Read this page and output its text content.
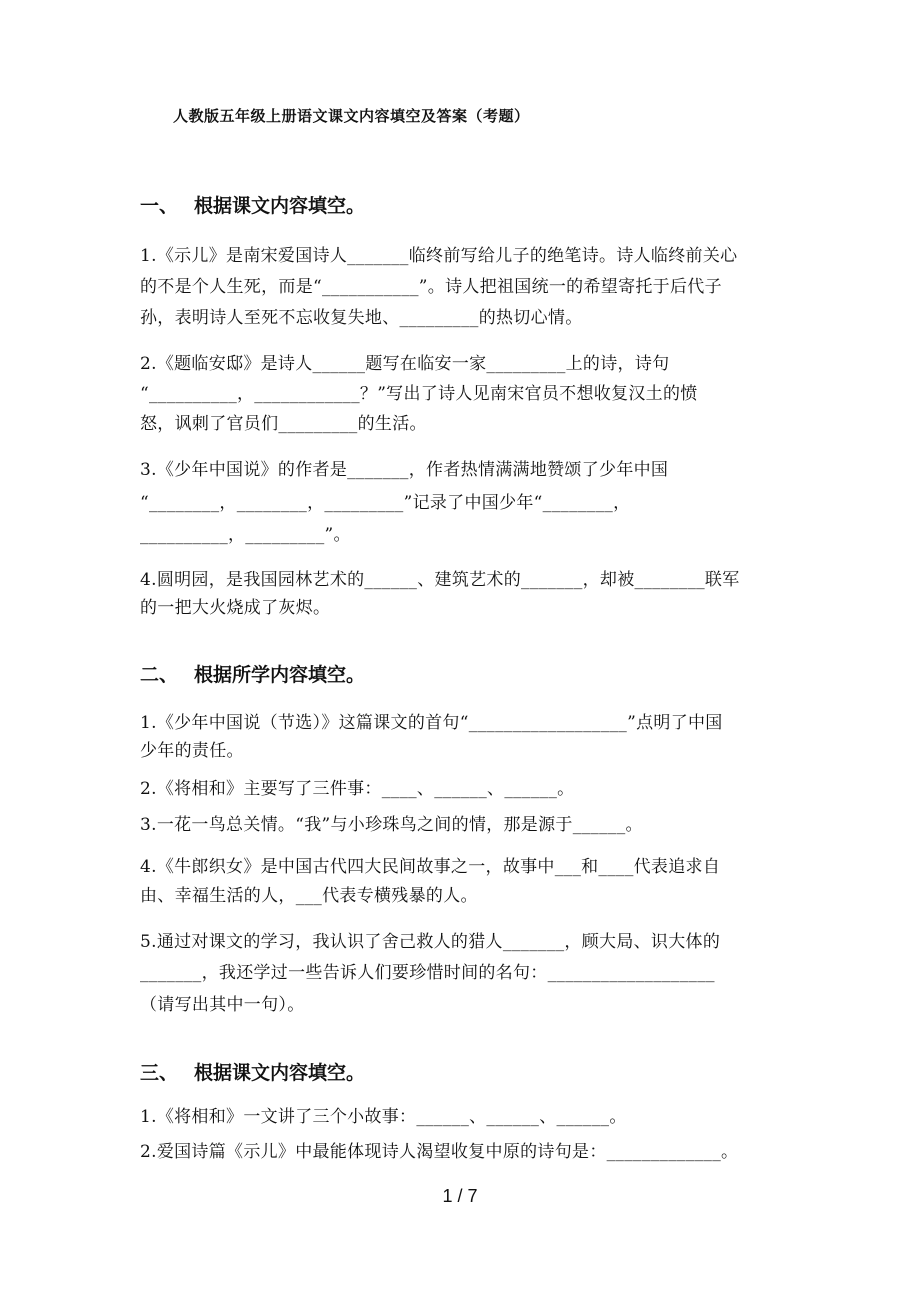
人教版五年级上册语文课文内容填空及答案（考题）
一、 根据课文内容填空。
1.《示儿》是南宋爱国诗人_______临终前写给儿子的绝笔诗。诗人临终前关心
的不是个人生死，而是“___________”。诗人把祖国统一的希望寄托于后代子
孙，表明诗人至死不忘收复失地、_________的热切心情。
2.《题临安邸》是诗人______题写在临安一家_________上的诗，诗句
“__________，____________？”写出了诗人见南宋官员不想收复汉土的愤
怒，讽刺了官员们_________的生活。
3.《少年中国说》的作者是_______，作者热情满满地赞颂了少年中国
“________，________，_________”记录了中国少年“________，
__________，_________”。
4.圆明园，是我国园林艺术的______、建筑艺术的_______，却被________联军
的一把大火烧成了灰烬。
二、 根据所学内容填空。
1.《少年中国说（节选）》这篇课文的首句“__________________”点明了中国
少年的责任。
2.《将相和》主要写了三件事：____、______、______。
3.一花一鸟总关情。“我”与小珍珠鸟之间的情，那是源于______。
4.《牛郎织女》是中国古代四大民间故事之一，故事中___和____代表追求自
由、幸福生活的人，___代表专横残暴的人。
5.通过对课文的学习，我认识了舍己救人的猎人_______，顾大局、识大体的
_______，我还学过一些告诉人们要珍惜时间的名句：___________________
（请写出其中一句）。
三、 根据课文内容填空。
1.《将相和》一文讲了三个小故事：______、______、______。
2.爱国诗篇《示儿》中最能体现诗人渴望收复中原的诗句是：_____________。
1 / 7
